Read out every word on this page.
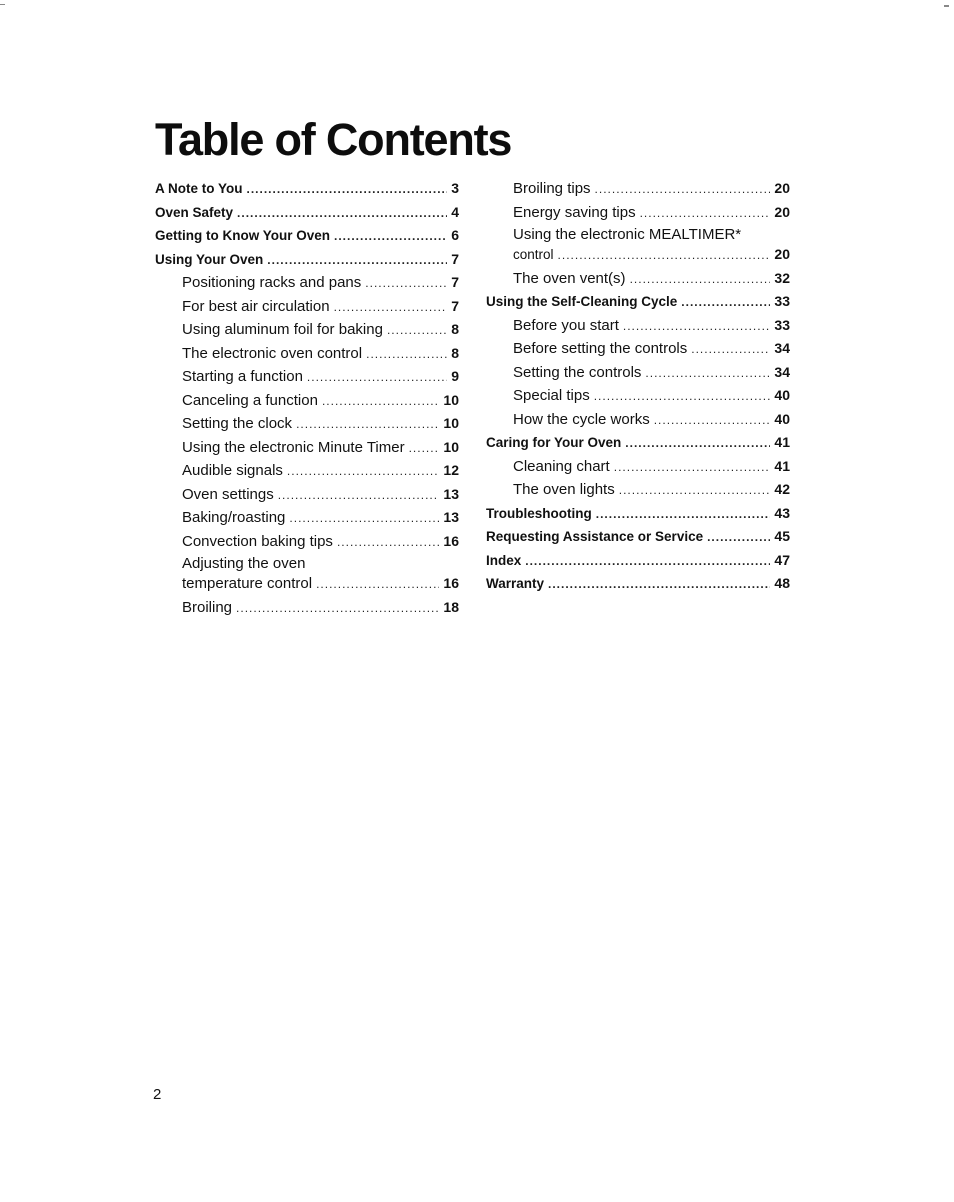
Table of Contents
A Note to You .....	3
Oven Safety .....	4
Getting to Know Your Oven .....	6
Using Your Oven .....	7
Positioning racks and pans .....	7
For best air circulation .....	7
Using aluminum foil for baking .....	8
The electronic oven control .....	8
Starting a function .....	9
Canceling a function .....	10
Setting the clock .....	10
Using the electronic Minute Timer .....	10
Audible signals .....	12
Oven settings .....	13
Baking/roasting .....	13
Convection baking tips .....	16
Adjusting the oven
temperature control .....	16
Broiling .....	18
Broiling tips .....	20
Energy saving tips .....	20
Using the electronic MEALTIMER*
control .....	20
The oven vent(s) .....	32
Using the Self-Cleaning Cycle .....	33
Before you start .....	33
Before setting the controls .....	34
Setting the controls .....	34
Special tips .....	40
How the cycle works .....	40
Caring for Your Oven .....	41
Cleaning chart .....	41
The oven lights .....	42
Troubleshooting .....	43
Requesting Assistance or Service .....	45
Index .....	47
Warranty .....	48
2
